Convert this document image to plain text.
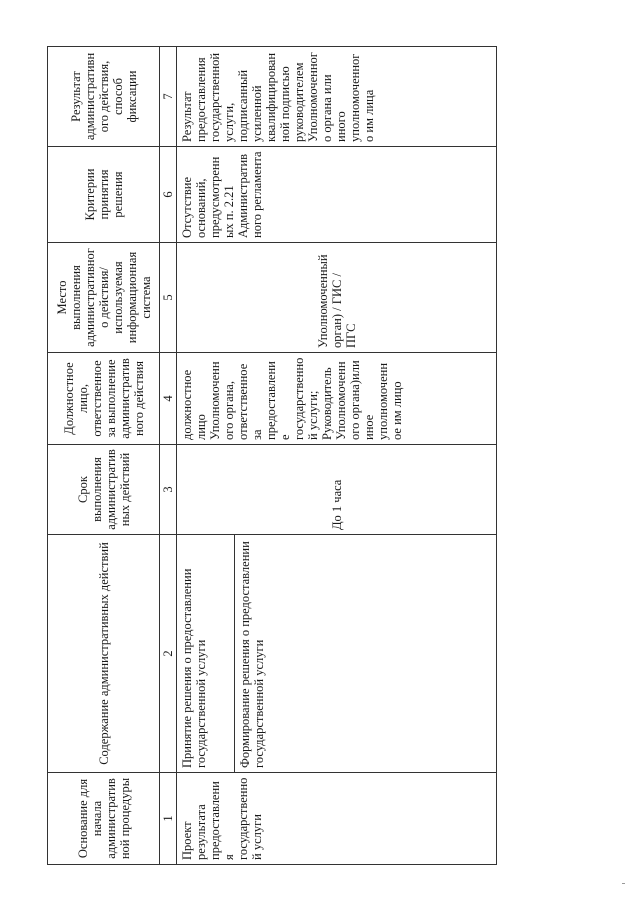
Основание для начала административной процедуры	Содержание административных действий	Срок выполнения административных действий	Должностное лицо, ответственное за выполнение административного действия	Место выполнения административного действия/ используемая информационная система	Критерии принятия решения	Результат административного действия, способ фиксации
1	2	3	4	5	6	7
Проект результата предоставления государственной услуги	Принятие решения о предоставлении государственной услуги	До 1 часа	должностное лицо Уполномоченного органа, ответственное за предоставление государственной услуги; Руководитель Уполномоченного органа)или иное уполномоченное им лицо	Уполномоченный орган) / ГИС / ПГС	Отсутствие оснований, предусмотренных п. 2.21 Административного регламента	Результат предоставления государственной услуги, подписанный усиленной квалифицированной подписью руководителем Уполномоченного органа или иного уполномоченного им лица
	Формирование решения о предоставлении государственной услуги					
